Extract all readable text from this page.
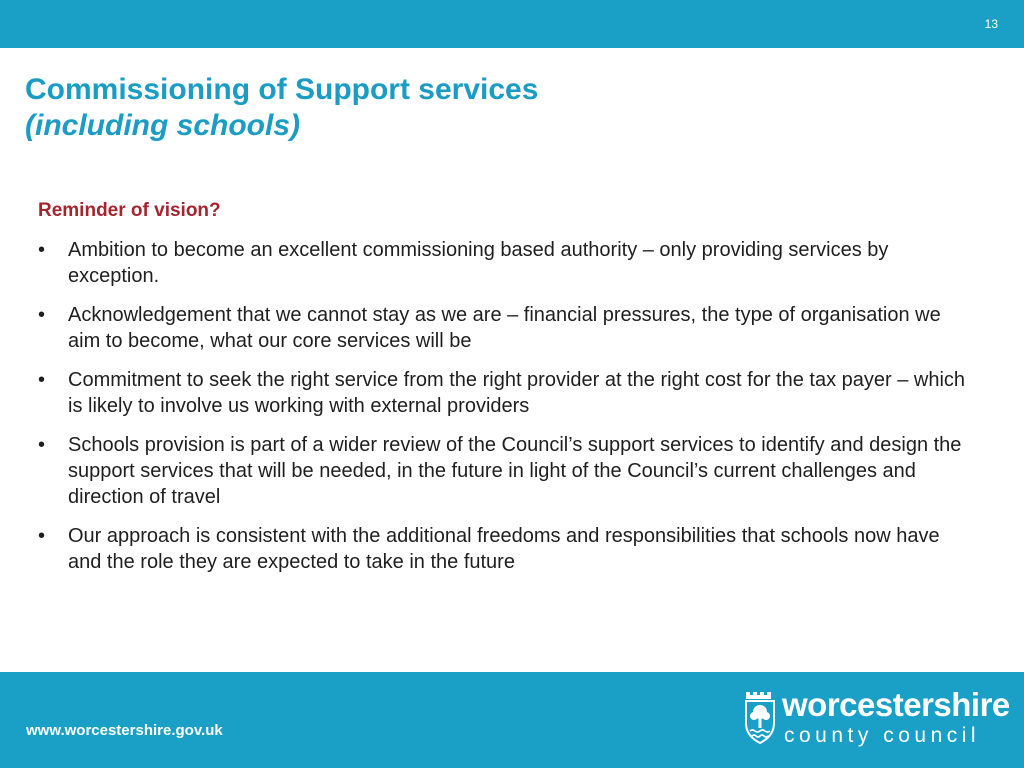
13
Commissioning of Support services
(including schools)
Reminder of vision?
• Ambition to become an excellent commissioning based authority – only providing services by exception.
• Acknowledgement that we cannot stay as we are – financial pressures, the type of organisation we aim to become, what our core services will be
• Commitment to seek the right service from the right provider at the right cost for the tax payer – which is likely to involve us working with external providers
• Schools provision is part of a wider review of the Council’s support services to identify and design the support services that will be needed, in the future in light of the Council’s current challenges and direction of travel
• Our approach is consistent with the additional freedoms and responsibilities that schools now have and the role they are expected to take in the future
www.worcestershire.gov.uk
worcestershire
county council
